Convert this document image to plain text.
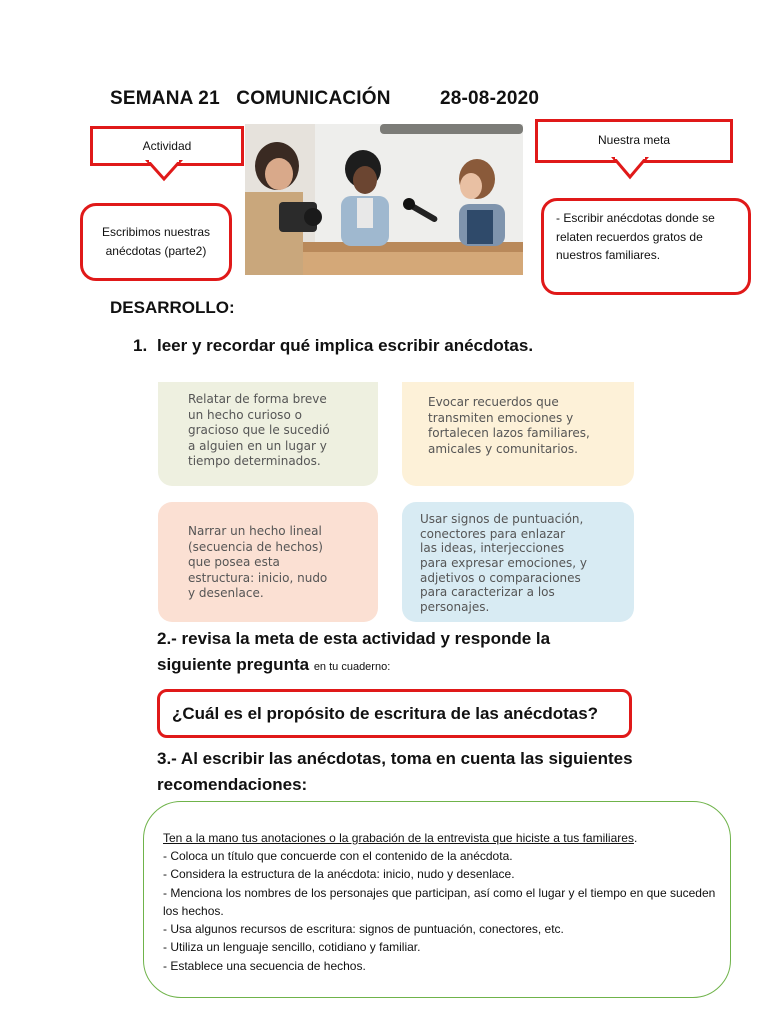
SEMANA 21   COMUNICACIÓN         28-08-2020
Actividad
Escribimos nuestras anécdotas (parte2)
Nuestra meta
- Escribir anécdotas donde se relaten recuerdos gratos de nuestros familiares.
DESARROLLO:
1. leer y recordar qué implica escribir anécdotas.
Relatar de forma breve
un hecho curioso o
gracioso que le sucedió
a alguien en un lugar y
tiempo determinados.
Evocar recuerdos que
transmiten emociones y
fortalecen lazos familiares,
amicales y comunitarios.
Narrar un hecho lineal
(secuencia de hechos)
que posea esta
estructura: inicio, nudo
y desenlace.
Usar signos de puntuación,
conectores para enlazar
las ideas, interjecciones
para expresar emociones, y
adjetivos o comparaciones
para caracterizar a los
personajes.
2.- revisa la meta de esta actividad y responde la
siguiente pregunta en tu cuaderno:
¿Cuál es el propósito de escritura de las anécdotas?
3.- Al escribir las anécdotas, toma en cuenta las siguientes
recomendaciones:
Ten a la mano tus anotaciones o la grabación de la entrevista que hiciste a tus familiares.
- Coloca un título que concuerde con el contenido de la anécdota.
- Considera la estructura de la anécdota: inicio, nudo y desenlace.
- Menciona los nombres de los personajes que participan, así como el lugar y el tiempo en que suceden los hechos.
- Usa algunos recursos de escritura: signos de puntuación, conectores, etc.
- Utiliza un lenguaje sencillo, cotidiano y familiar.
- Establece una secuencia de hechos.
